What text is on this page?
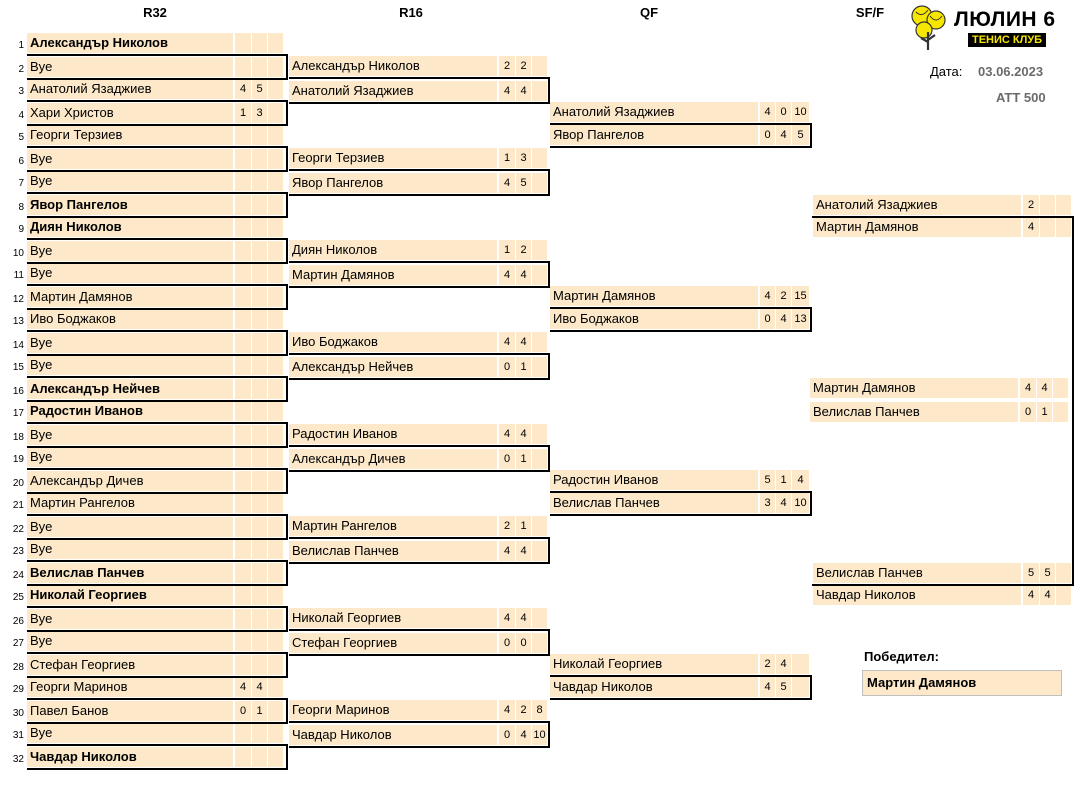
R32	R16	QF	SF/F	ЛЮЛИН 6
ТЕНИС КЛУБ
Дата: 03.06.2023
ATT 500
1 Александър Николов
2 Bye
3 Анатолий Язаджиев	4 5
4 Хари Христов	1 3
5 Георги Терзиев
6 Bye
7 Bye
8 Явор Пангелов
9 Диян Николов
10 Bye
11 Bye
12 Мартин Дамянов
13 Иво Боджаков
14 Bye
15 Bye
16 Александър Нейчев
17 Радостин Иванов
18 Bye
19 Bye
20 Александър Дичев
21 Мартин Рангелов
22 Bye
23 Bye
24 Велислав Панчев
25 Николай Георгиев
26 Bye
27 Bye
28 Стефан Георгиев
29 Георги Маринов	4 4
30 Павел Банов	0 1
31 Bye
32 Чавдар Николов
Александър Николов	2 2
Анатолий Язаджиев	4 4
Георги Терзиев	1 3
Явор Пангелов	4 5
Диян Николов	1 2
Мартин Дамянов	4 4
Иво Боджаков	4 4
Александър Нейчев	0 1
Радостин Иванов	4 4
Александър Дичев	0 1
Мартин Рангелов	2 1
Велислав Панчев	4 4
Николай Георгиев	4 4
Стефан Георгиев	0 0
Георги Маринов	4 2 8
Чавдар Николов	0 4 10
Анатолий Язаджиев	4 0 10
Явор Пангелов	0 4 5
Мартин Дамянов	4 2 15
Иво Боджаков	0 4 13
Радостин Иванов	5 1 4
Велислав Панчев	3 4 10
Николай Георгиев	2 4
Чавдар Николов	4 5
Анатолий Язаджиев	2
Мартин Дамянов	4
Велислав Панчев	5 5
Чавдар Николов	4 4
Мартин Дамянов	4 4
Велислав Панчев	0 1
Победител:
Мартин Дамянов
